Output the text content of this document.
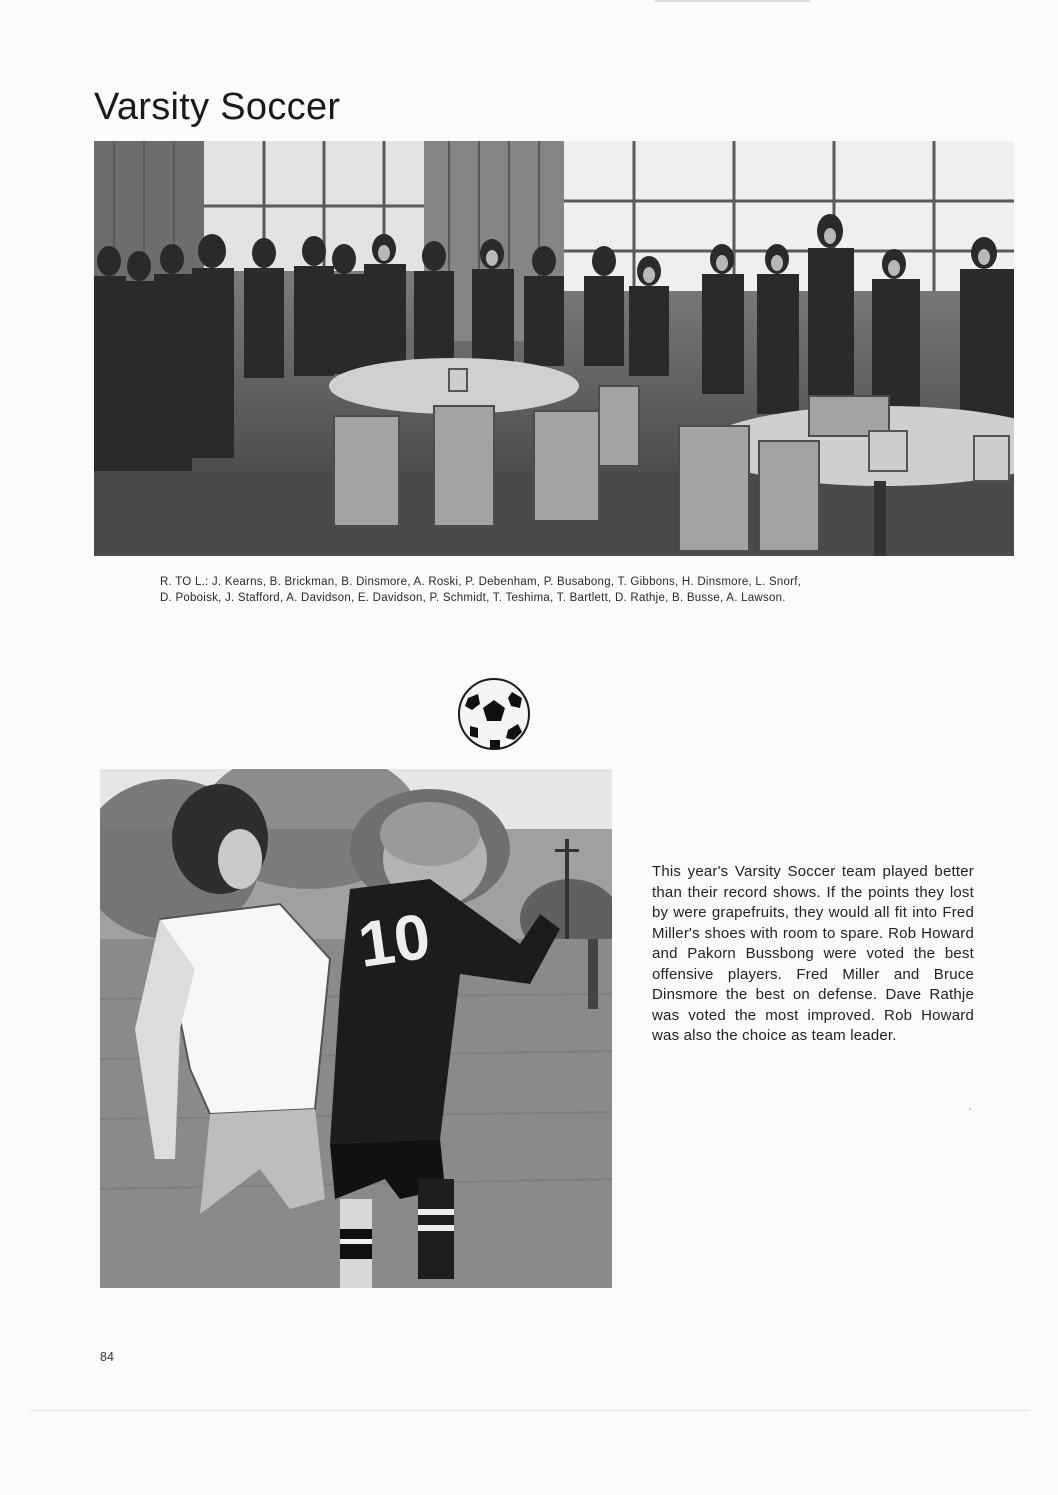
Varsity Soccer

R. TO L.: J. Kearns, B. Brickman, B. Dinsmore, A. Roski, P. Debenham, P. Busabong, T. Gibbons, H. Dinsmore, L. Snorf,
D. Poboisk, J. Stafford, A. Davidson, E. Davidson, P. Schmidt, T. Teshima, T. Bartlett, D. Rathje, B. Busse, A. Lawson.

10

This year's Varsity Soccer team played better than their record shows. If the points they lost by were grapefruits, they would all fit into Fred Miller's shoes with room to spare. Rob Howard and Pakorn Bussbong were voted the best offensive players. Fred Miller and Bruce Dinsmore the best on defense. Dave Rathje was voted the most improved. Rob Howard was also the choice as team leader.

84
